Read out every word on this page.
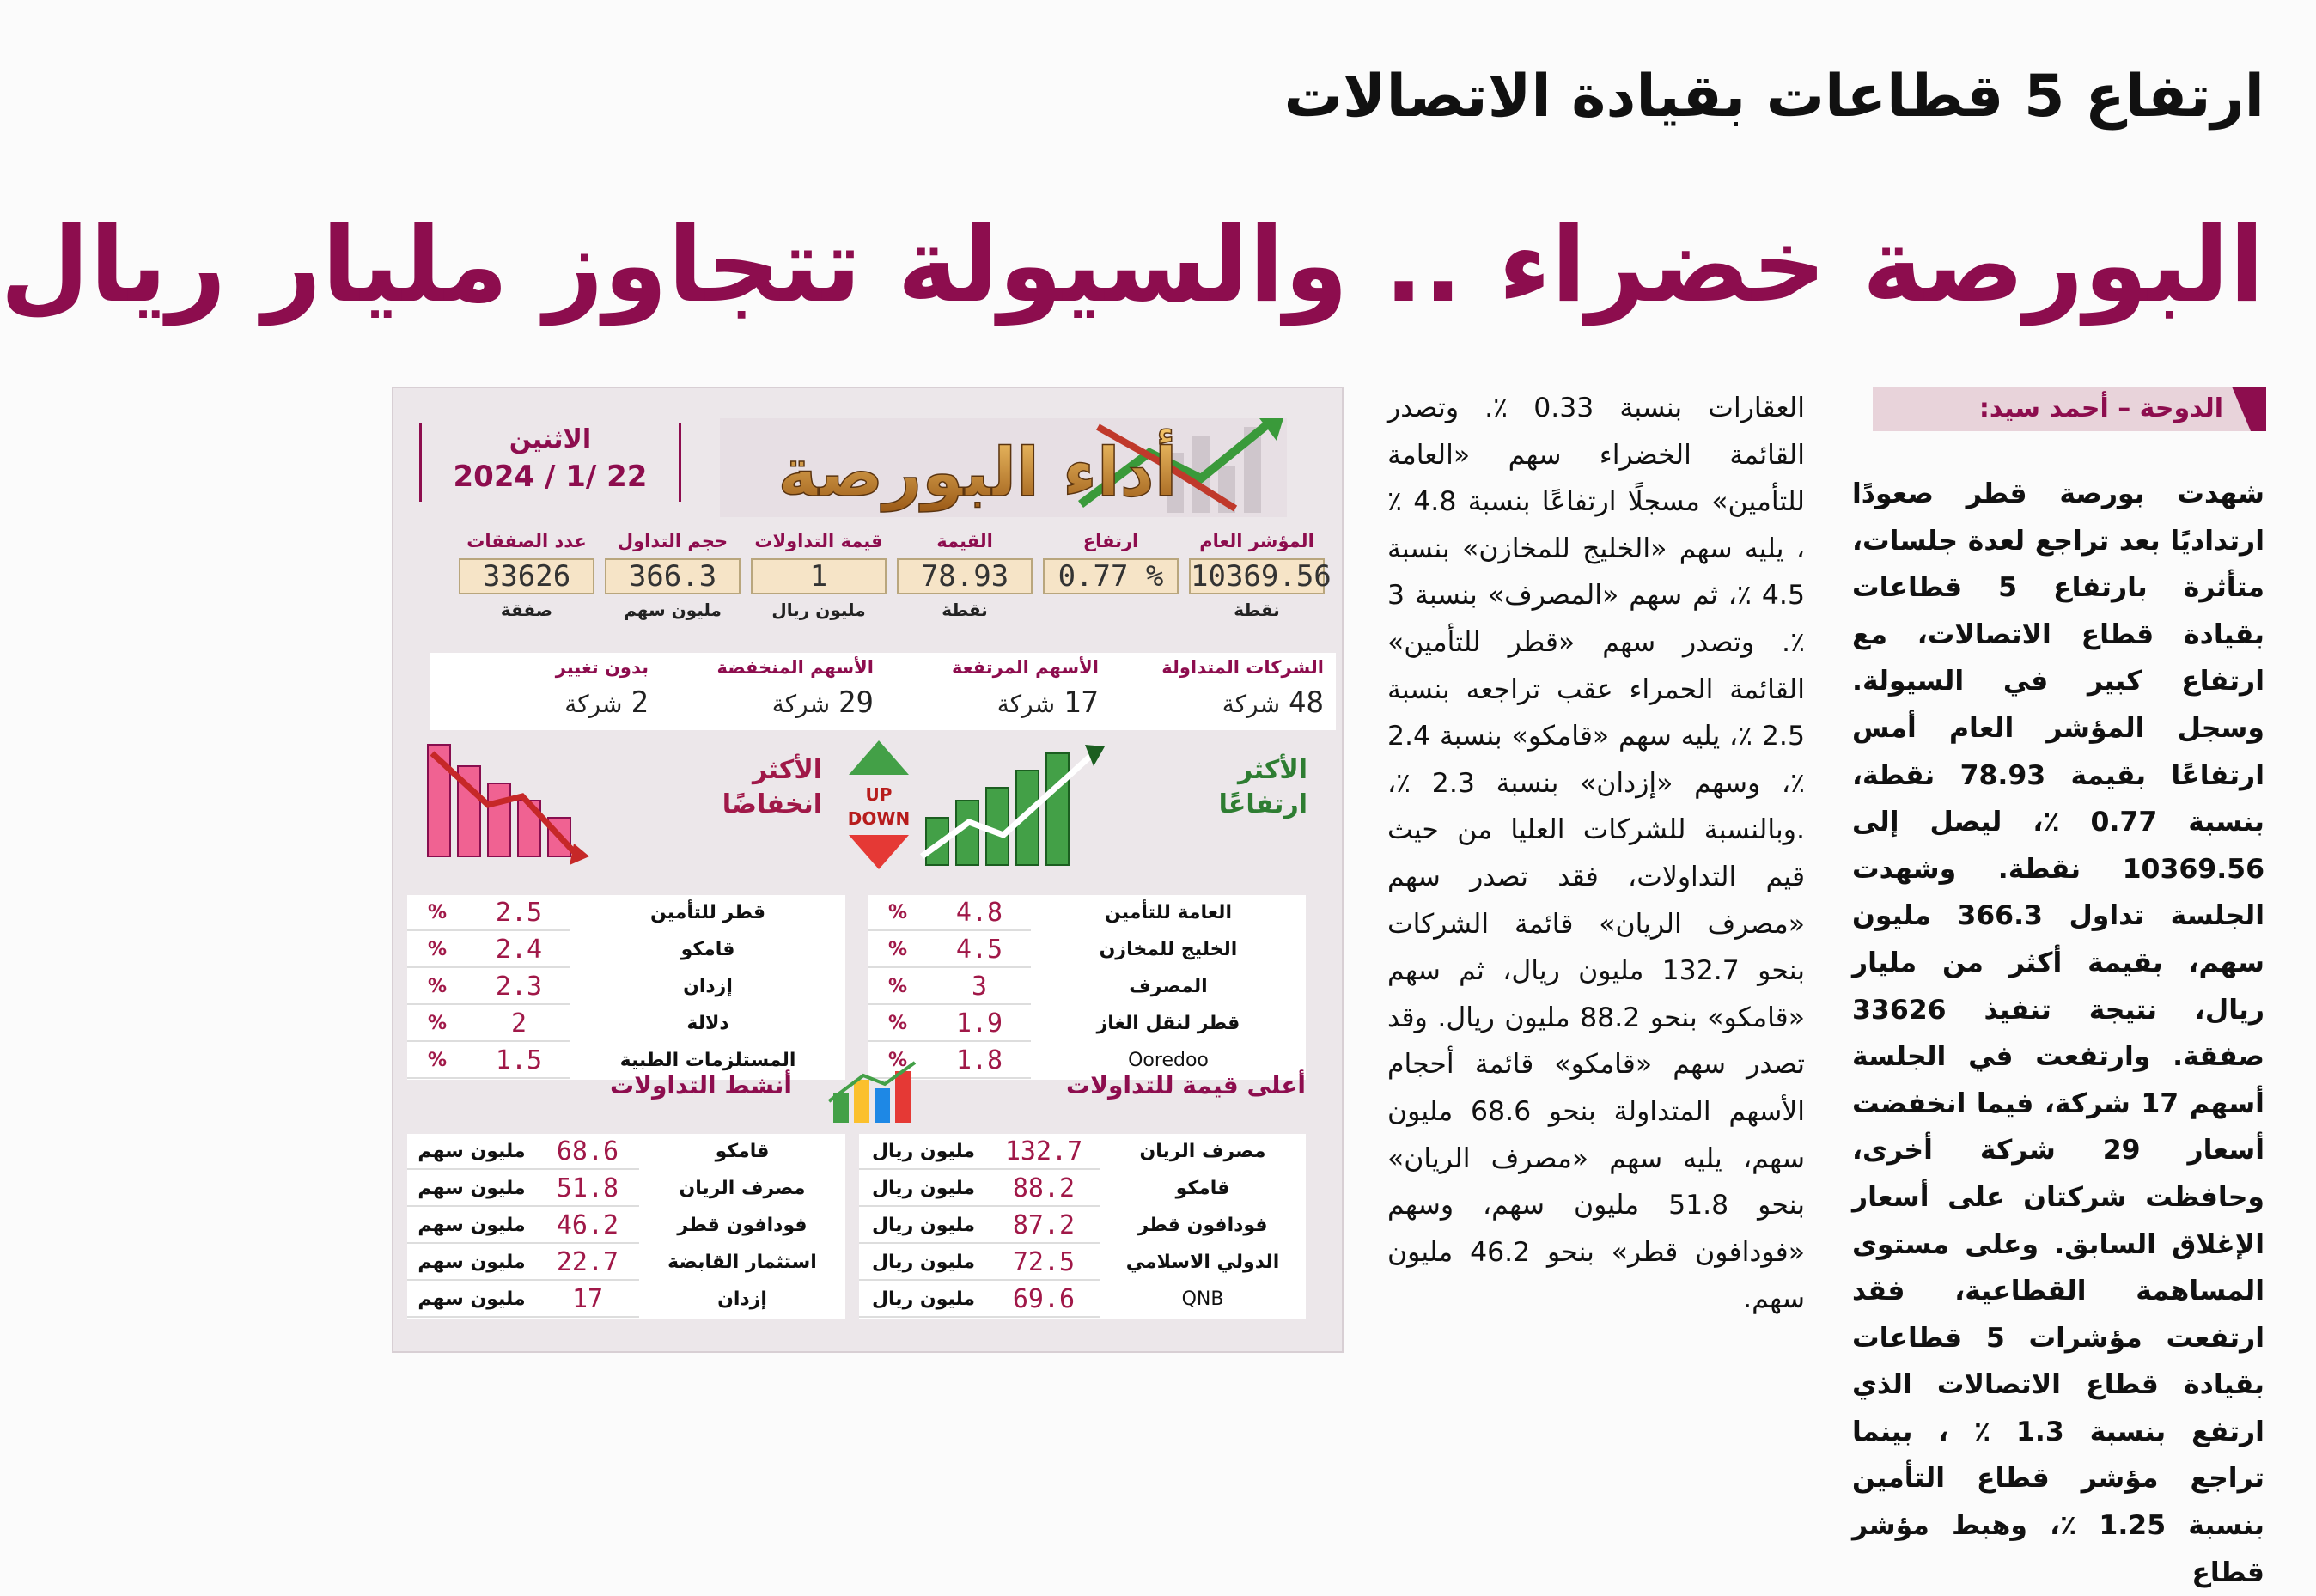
ارتفاع 5 قطاعات بقيادة الاتصالات
البورصة خضراء .. والسيولة تتجاوز مليار ريال
الدوحة – أحمد سيد:
شهدت بورصة قطر صعودًا ارتداديًا بعد تراجع لعدة جلسات، متأثرة بارتفاع 5 قطاعات بقيادة قطاع الاتصالات، مع ارتفاع كبير في السيولة. وسجل المؤشر العام أمس ارتفاعًا بقيمة 78.93 نقطة، بنسبة 0.77 ٪، ليصل إلى 10369.56 نقطة. وشهدت الجلسة تداول 366.3 مليون سهم، بقيمة أكثر من مليار ريال، نتيجة تنفيذ 33626 صفقة. وارتفعت في الجلسة أسهم 17 شركة، فيما انخفضت أسعار 29 شركة أخرى، وحافظت شركتان على أسعار الإغلاق السابق. وعلى مستوى المساهمة القطاعية، فقد ارتفعت مؤشرات 5 قطاعات بقيادة قطاع الاتصالات الذي ارتفع بنسبة 1.3 ٪ ، بينما تراجع مؤشر قطاع التأمين بنسبة 1.25 ٪، وهبط مؤشر قطاع
العقارات بنسبة 0.33 ٪. وتصدر القائمة الخضراء سهم «العامة للتأمين» مسجلًا ارتفاعًا بنسبة 4.8 ٪ ، يليه سهم «الخليج للمخازن» بنسبة 4.5 ٪، ثم سهم «المصرف» بنسبة 3 ٪. وتصدر سهم «قطر للتأمين» القائمة الحمراء عقب تراجعه بنسبة 2.5 ٪، يليه سهم «قامكو» بنسبة 2.4 ٪، وسهم «إزدان» بنسبة 2.3 ٪، .وبالنسبة للشركات العليا من حيث قيم التداولات، فقد تصدر سهم «مصرف الريان» قائمة الشركات بنحو 132.7 مليون ريال، ثم سهم «قامكو» بنحو 88.2 مليون ريال. وقد تصدر سهم «قامكو» قائمة أحجام الأسهم المتداولة بنحو 68.6 مليون سهم، يليه سهم «مصرف الريان» بنحو 51.8 مليون سهم، وسهم «فودافون قطر» بنحو 46.2 مليون سهم.
أداء البورصة
الاثنين
2024 / 1/ 22
المؤشر العام
10369.56
نقطة
ارتفاع
0.77 %
القيمة
78.93
نقطة
قيمة التداولات
1
مليون ريال
حجم التداول
366.3
مليون سهم
عدد الصفقات
33626
صفقة
الشركات المتداولة
48شركة
الأسهم المرتفعة
17شركة
الأسهم المنخفضة
29شركة
بدون تغيير
2شركة
الأكثر
ارتفاعًا
UP
DOWN
الأكثر
انخفاضًا
العامة للتأمين
4.8
%
الخليج للمخازن
4.5
%
المصرف
3
%
قطر لنقل الغاز
1.9
%
Ooredoo
1.8
%
قطر للتأمين
2.5
%
قامكو
2.4
%
إزدان
2.3
%
دلالة
2
%
المستلزمات الطبية
1.5
%
أعلى قيمة للتداولات
أنشط التداولات
مصرف الريان
132.7
مليون ريال
قامكو
88.2
مليون ريال
فودافون قطر
87.2
مليون ريال
الدولي الاسلامي
72.5
مليون ريال
QNB
69.6
مليون ريال
قامكو
68.6
مليون سهم
مصرف الريان
51.8
مليون سهم
فودافون قطر
46.2
مليون سهم
استثمار القابضة
22.7
مليون سهم
إزدان
17
مليون سهم
